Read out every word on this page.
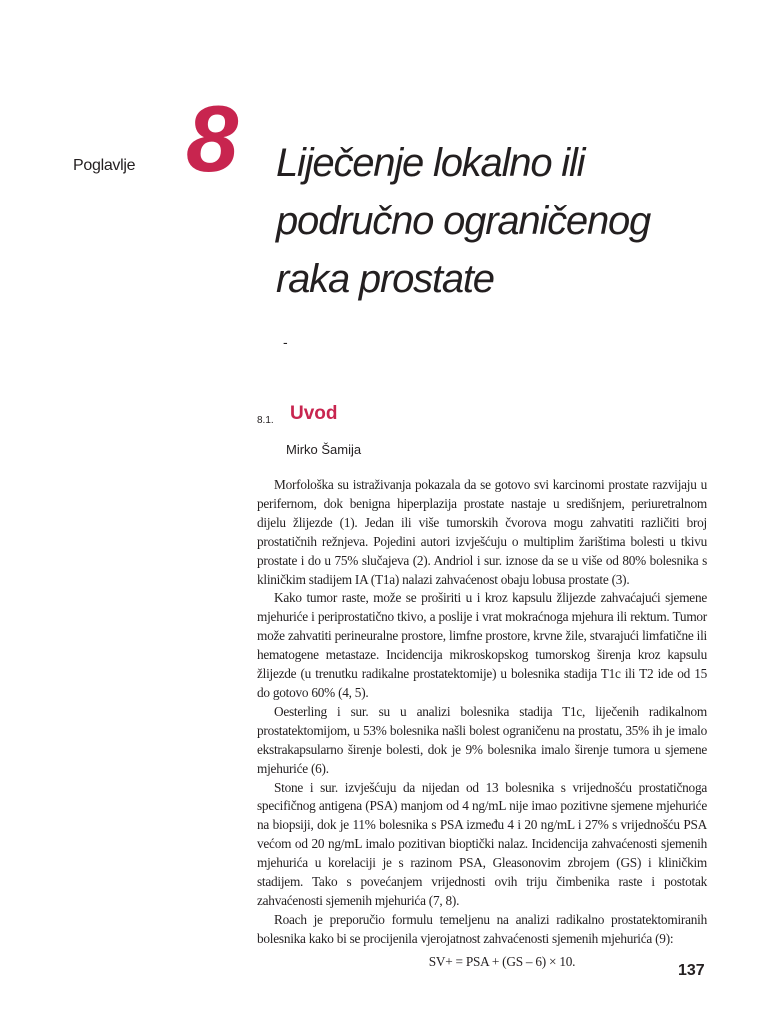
Poglavlje 8 Liječenje lokalno ili
područno ograničenog
raka prostate
-
8.1. Uvod
Mirko Šamija

Morfološka su istraživanja pokazala da se gotovo svi karcinomi prostate razvijaju u perifernom, dok benigna hiperplazija prostate nastaje u središnjem, periuretralnom dijelu žlijezde (1). Jedan ili više tumorskih čvorova mogu zahvatiti različiti broj prostatičnih režnjeva. Pojedini autori izvješćuju o multiplim žarištima bolesti u tkivu prostate i do u 75% slučajeva (2). Andriol i sur. iznose da se u više od 80% bolesnika s kliničkim stadijem IA (T1a) nalazi zahvaćenost obaju lobusa prostate (3).

Kako tumor raste, može se proširiti u i kroz kapsulu žlijezde zahvaćajući sjemene mjehuriće i periprostatično tkivo, a poslije i vrat mokraćnoga mjehura ili rektum. Tumor može zahvatiti perineuralne prostore, limfne prostore, krvne žile, stvarajući limfatične ili hematogene metastaze. Incidencija mikroskopskog tumorskog širenja kroz kapsulu žlijezde (u trenutku radikalne prostatektomije) u bolesnika stadija T1c ili T2 ide od 15 do gotovo 60% (4, 5).

Oesterling i sur. su u analizi bolesnika stadija T1c, liječenih radikalnom prostatektomijom, u 53% bolesnika našli bolest ograničenu na prostatu, 35% ih je imalo ekstrakapsularno širenje bolesti, dok je 9% bolesnika imalo širenje tumora u sjemene mjehuriće (6).

Stone i sur. izvješćuju da nijedan od 13 bolesnika s vrijednošću prostatičnoga specifičnog antigena (PSA) manjom od 4 ng/mL nije imao pozitivne sjemene mjehuriće na biopsiji, dok je 11% bolesnika s PSA između 4 i 20 ng/mL i 27% s vrijednošću PSA većom od 20 ng/mL imalo pozitivan bioptički nalaz. Incidencija zahvaćenosti sjemenih mjehurića u korelaciji je s razinom PSA, Gleasonovim zbrojem (GS) i kliničkim stadijem. Tako s povećanjem vrijednosti ovih triju čimbenika raste i postotak zahvaćenosti sjemenih mjehurića (7, 8).

Roach je preporučio formulu temeljenu na analizi radikalno prostatektomiranih bolesnika kako bi se procijenila vjerojatnost zahvaćenosti sjemenih mjehurića (9):

SV+ = PSA + (GS – 6) × 10.

137
